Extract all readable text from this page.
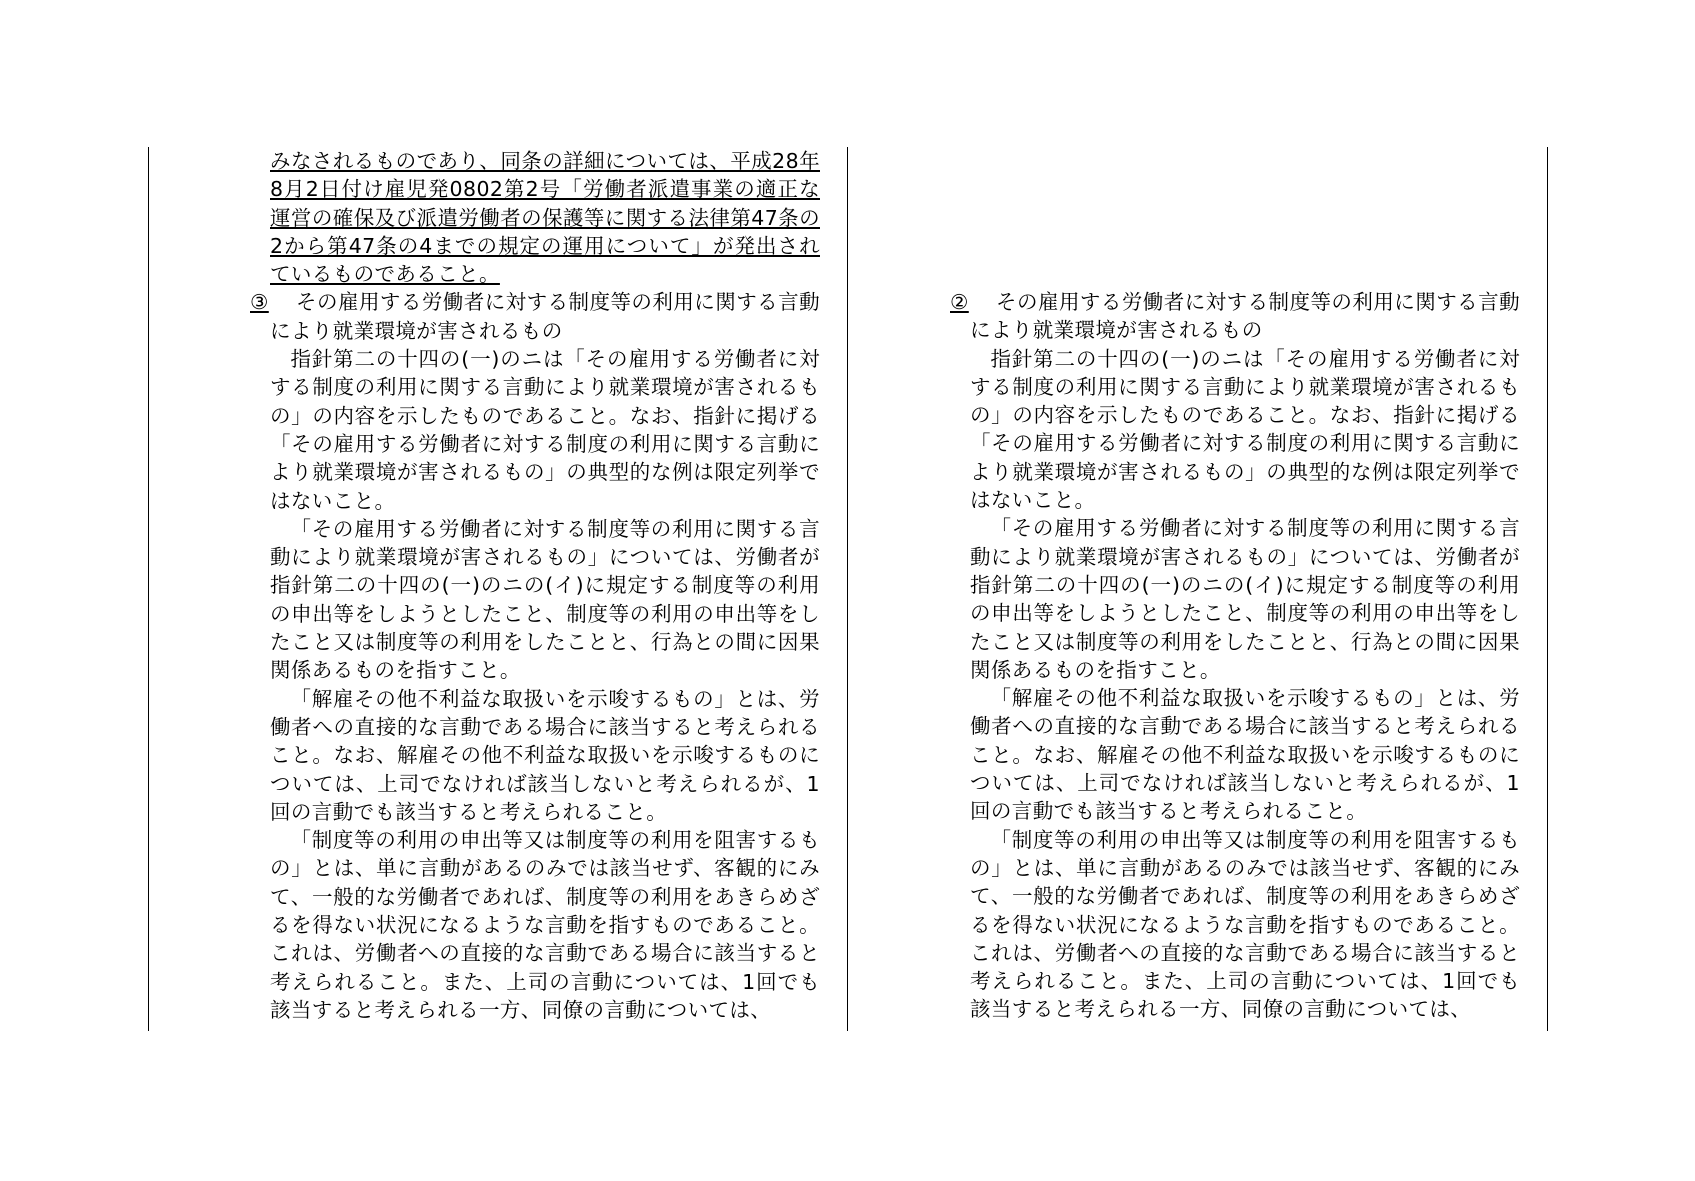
みなされるものであり、同条の詳細については、平成28年8月2日付け雇児発0802第2号「労働者派遣事業の適正な運営の確保及び派遣労働者の保護等に関する法律第47条の2から第47条の4までの規定の運用について」が発出されているものであること。

③ その雇用する労働者に対する制度等の利用に関する言動により就業環境が害されるもの

指針第二の十四の(一)のニは「その雇用する労働者に対する制度の利用に関する言動により就業環境が害されるもの」の内容を示したものであること。なお、指針に掲げる「その雇用する労働者に対する制度の利用に関する言動により就業環境が害されるもの」の典型的な例は限定列挙ではないこと。

「その雇用する労働者に対する制度等の利用に関する言動により就業環境が害されるもの」については、労働者が指針第二の十四の(一)のニの(イ)に規定する制度等の利用の申出等をしようとしたこと、制度等の利用の申出等をしたこと又は制度等の利用をしたことと、行為との間に因果関係あるものを指すこと。

「解雇その他不利益な取扱いを示唆するもの」とは、労働者への直接的な言動である場合に該当すると考えられること。なお、解雇その他不利益な取扱いを示唆するものについては、上司でなければ該当しないと考えられるが、1回の言動でも該当すると考えられること。

「制度等の利用の申出等又は制度等の利用を阻害するもの」とは、単に言動があるのみでは該当せず、客観的にみて、一般的な労働者であれば、制度等の利用をあきらめざるを得ない状況になるような言動を指すものであること。これは、労働者への直接的な言動である場合に該当すると考えられること。また、上司の言動については、1回でも該当すると考えられる一方、同僚の言動については、

② その雇用する労働者に対する制度等の利用に関する言動により就業環境が害されるもの

指針第二の十四の(一)のニは「その雇用する労働者に対する制度の利用に関する言動により就業環境が害されるもの」の内容を示したものであること。なお、指針に掲げる「その雇用する労働者に対する制度の利用に関する言動により就業環境が害されるもの」の典型的な例は限定列挙ではないこと。

「その雇用する労働者に対する制度等の利用に関する言動により就業環境が害されるもの」については、労働者が指針第二の十四の(一)のニの(イ)に規定する制度等の利用の申出等をしようとしたこと、制度等の利用の申出等をしたこと又は制度等の利用をしたことと、行為との間に因果関係あるものを指すこと。

「解雇その他不利益な取扱いを示唆するもの」とは、労働者への直接的な言動である場合に該当すると考えられること。なお、解雇その他不利益な取扱いを示唆するものについては、上司でなければ該当しないと考えられるが、1回の言動でも該当すると考えられること。

「制度等の利用の申出等又は制度等の利用を阻害するもの」とは、単に言動があるのみでは該当せず、客観的にみて、一般的な労働者であれば、制度等の利用をあきらめざるを得ない状況になるような言動を指すものであること。これは、労働者への直接的な言動である場合に該当すると考えられること。また、上司の言動については、1回でも該当すると考えられる一方、同僚の言動については、
